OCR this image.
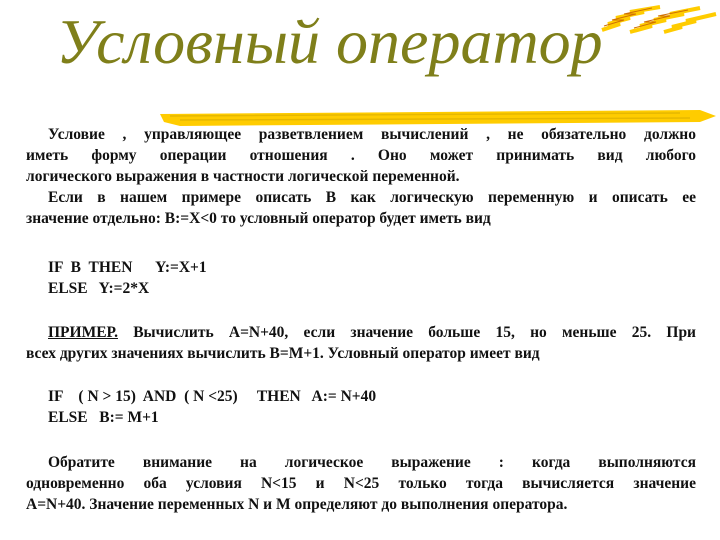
Условный оператор

Условие , управляющее разветвлением вычислений , не обязательно должно

иметь форму операции отношения . Оно может принимать вид любого

логического выражения в частности логической переменной.

Если в нашем примере описать B как логическую переменную и описать ее

значение отдельно: B:=X<0 то условный оператор будет иметь вид

IF  B  THEN      Y:=X+1

ELSE   Y:=2*X

ПРИМЕР. Вычислить A=N+40, если значение больше 15, но меньше 25. При

всех других значениях вычислить B=M+1. Условный оператор имеет вид

IF    ( N > 15)  AND  ( N <25)     THEN   A:= N+40

ELSE   B:= M+1

Обратите внимание на логическое выражение : когда выполняются

одновременно оба условия N<15 и N<25 только тогда вычисляется значение

A=N+40. Значение переменных N и M определяют до выполнения оператора.
